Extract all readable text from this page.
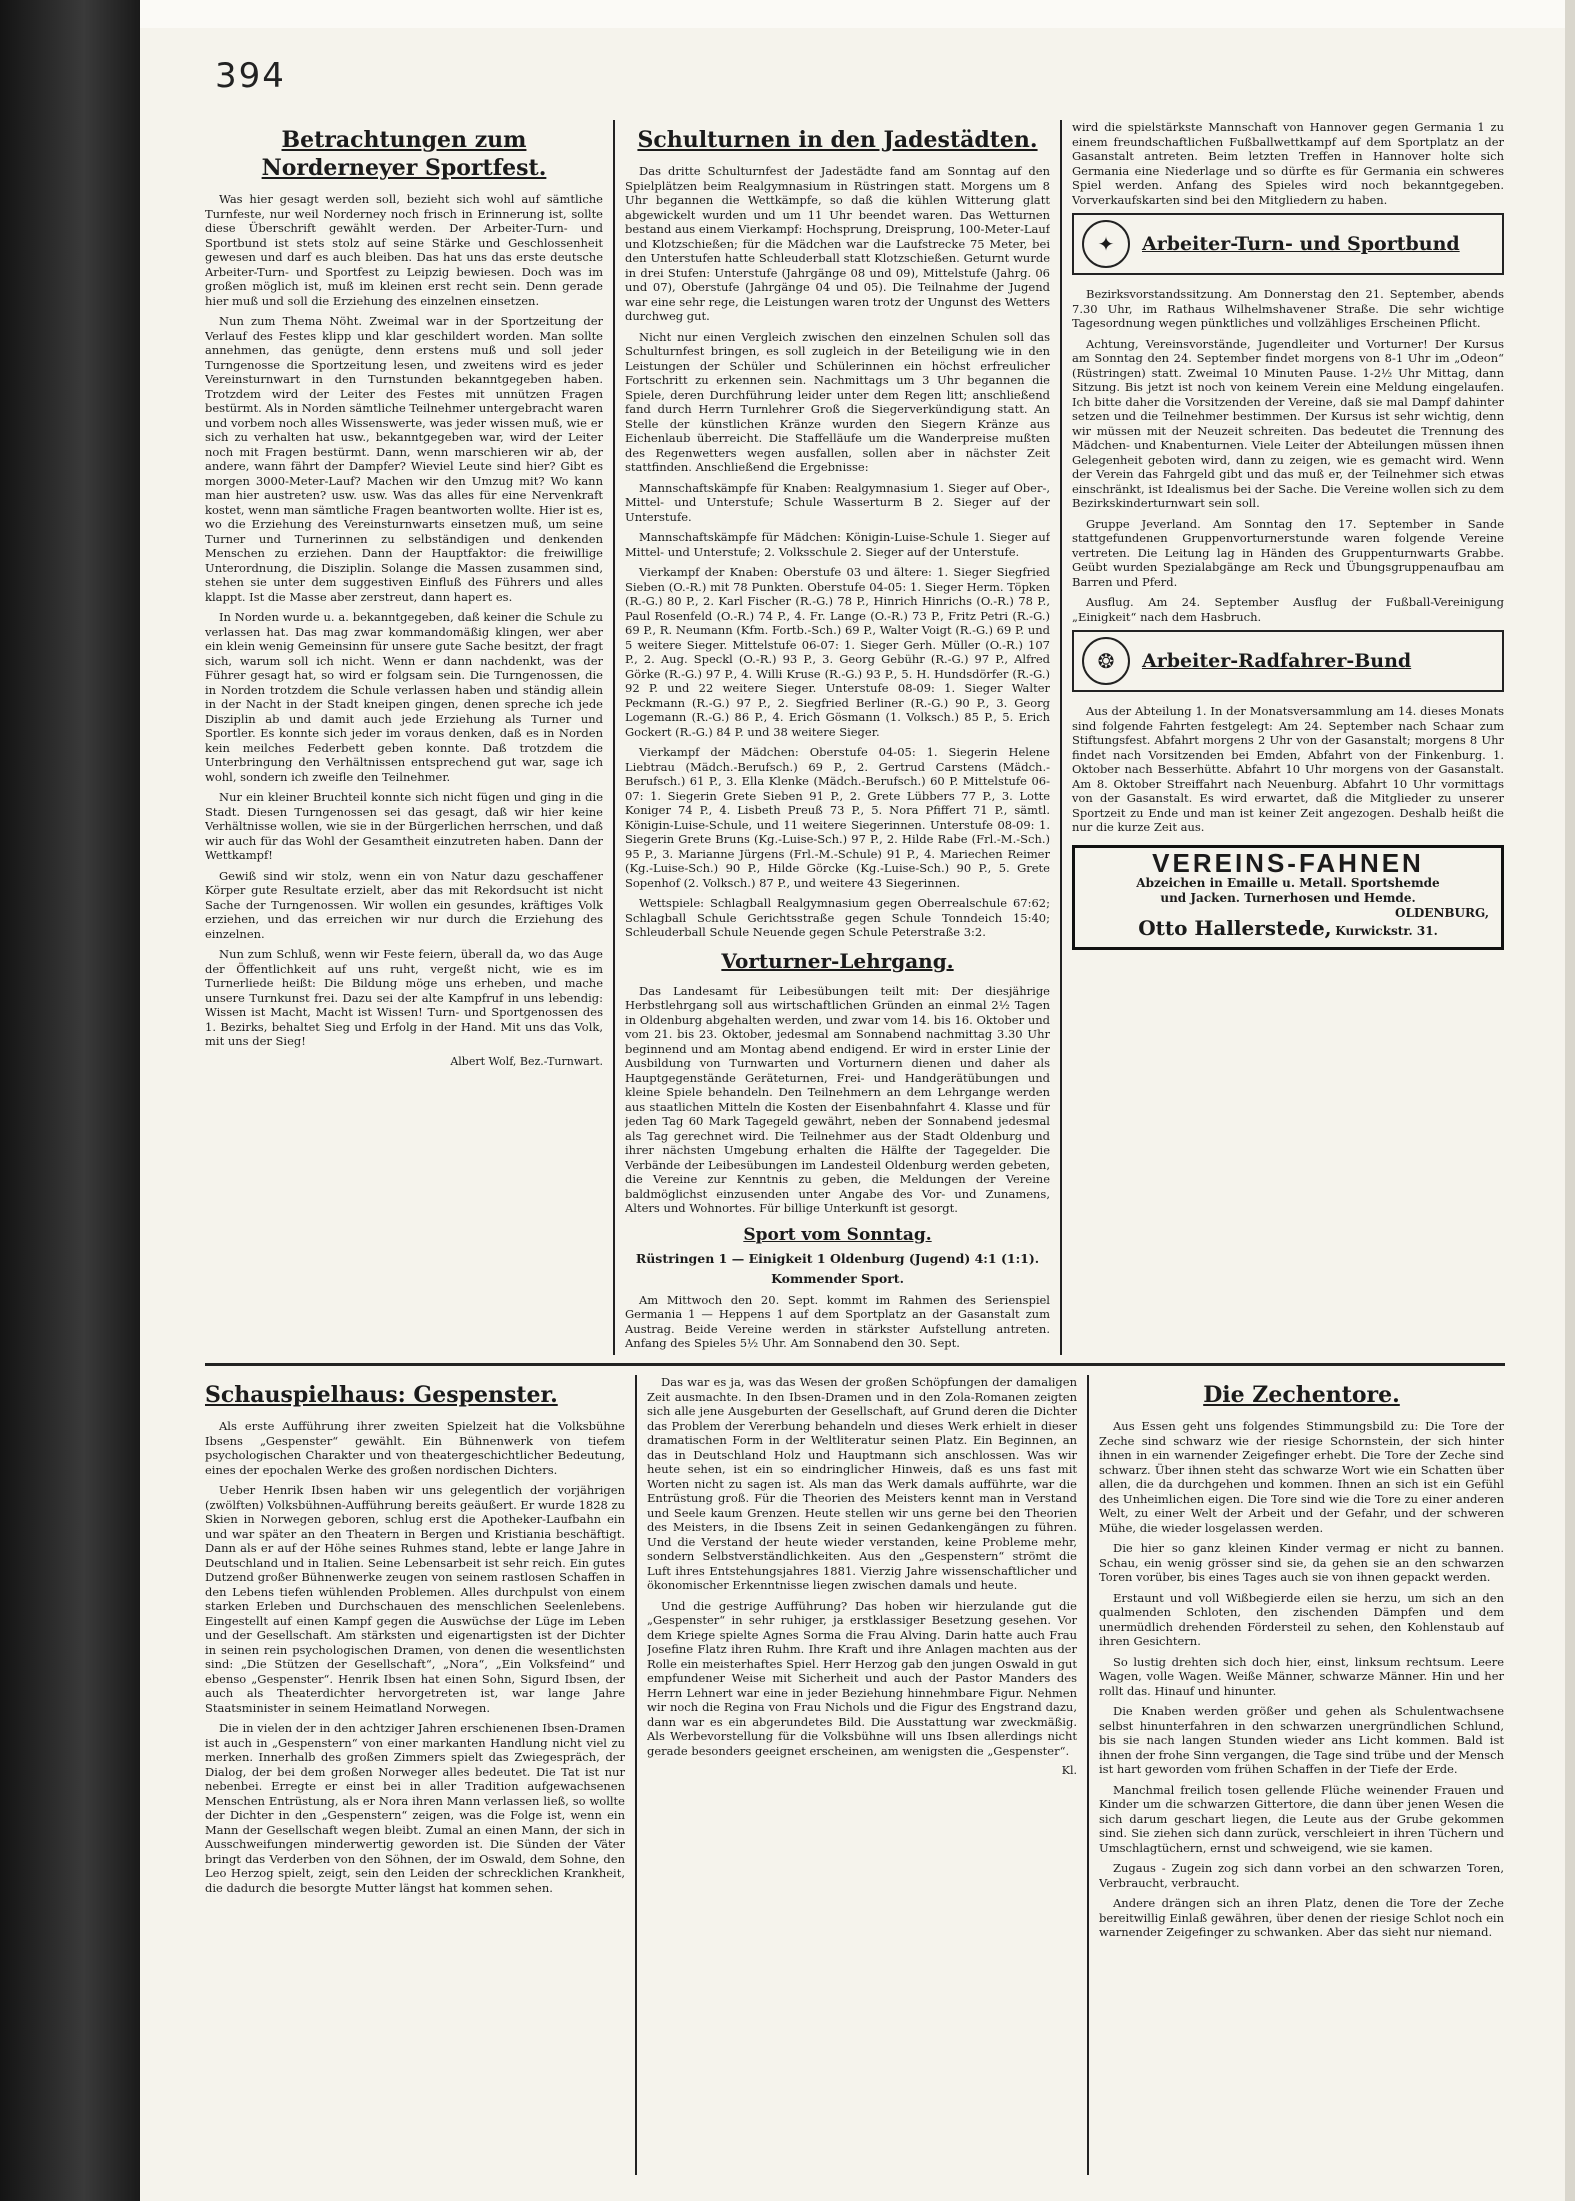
394
Betrachtungen zum Norderneyer Sportfest.

Was hier gesagt werden soll, bezieht sich wohl auf sämtliche Turnfeste, nur weil Norderney noch frisch in Erinnerung ist, sollte diese Überschrift gewählt werden. Der Arbeiter-Turn- und Sportbund ist stets stolz auf seine Stärke und Geschlossenheit gewesen und darf es auch bleiben. Das hat uns das erste deutsche Arbeiter-Turn- und Sportfest zu Leipzig bewiesen. Doch was im großen möglich ist, muß im kleinen erst recht sein. Denn gerade hier muß und soll die Erziehung des einzelnen einsetzen.

Nun zum Thema Nöht. Zweimal war in der Sportzeitung der Verlauf des Festes klipp und klar geschildert worden. Man sollte annehmen, das genügte, denn erstens muß und soll jeder Turngenosse die Sportzeitung lesen, und zweitens wird es jeder Vereinsturnwart in den Turnstunden bekanntgegeben haben. Trotzdem wird der Leiter des Festes mit unnützen Fragen bestürmt. Als in Norden sämtliche Teilnehmer untergebracht waren und vorbem noch alles Wissenswerte, was jeder wissen muß, wie er sich zu verhalten hat usw., bekanntgegeben war, wird der Leiter noch mit Fragen bestürmt. Dann, wenn marschieren wir ab, der andere, wann fährt der Dampfer? Wieviel Leute sind hier? Gibt es morgen 3000-Meter-Lauf? Machen wir den Umzug mit? Wo kann man hier austreten? usw. usw. Was das alles für eine Nervenkraft kostet, wenn man sämtliche Fragen beantworten wollte. Hier ist es, wo die Erziehung des Vereinsturnwarts einsetzen muß, um seine Turner und Turnerinnen zu selbständigen und denkenden Menschen zu erziehen. Dann der Hauptfaktor: die freiwillige Unterordnung, die Disziplin. Solange die Massen zusammen sind, stehen sie unter dem suggestiven Einfluß des Führers und alles klappt. Ist die Masse aber zerstreut, dann hapert es.

In Norden wurde u. a. bekanntgegeben, daß keiner die Schule zu verlassen hat. Das mag zwar kommandomäßig klingen, wer aber ein klein wenig Gemeinsinn für unsere gute Sache besitzt, der fragt sich, warum soll ich nicht. Wenn er dann nachdenkt, was der Führer gesagt hat, so wird er folgsam sein. Die Turngenossen, die in Norden trotzdem die Schule verlassen haben und ständig allein in der Nacht in der Stadt kneipen gingen, denen spreche ich jede Disziplin ab und damit auch jede Erziehung als Turner und Sportler. Es konnte sich jeder im voraus denken, daß es in Norden kein meilches Federbett geben konnte. Daß trotzdem die Unterbringung den Verhältnissen entsprechend gut war, sage ich wohl, sondern ich zweifle den Teilnehmer.

Nur ein kleiner Bruchteil konnte sich nicht fügen und ging in die Stadt. Diesen Turngenossen sei das gesagt, daß wir hier keine Verhältnisse wollen, wie sie in der Bürgerlichen herrschen, und daß wir auch für das Wohl der Gesamtheit einzutreten haben. Dann der Wettkampf!

Gewiß sind wir stolz, wenn ein von Natur dazu geschaffener Körper gute Resultate erzielt, aber das mit Rekordsucht ist nicht Sache der Turngenossen. Wir wollen ein gesundes, kräftiges Volk erziehen, und das erreichen wir nur durch die Erziehung des einzelnen.

Nun zum Schluß, wenn wir Feste feiern, überall da, wo das Auge der Öffentlichkeit auf uns ruht, vergeßt nicht, wie es im Turnerliede heißt: Die Bildung möge uns erheben, und mache unsere Turnkunst frei. Dazu sei der alte Kampfruf in uns lebendig: Wissen ist Macht, Macht ist Wissen! Turn- und Sportgenossen des 1. Bezirks, behaltet Sieg und Erfolg in der Hand. Mit uns das Volk, mit uns der Sieg!

Albert Wolf, Bez.-Turnwart.
Schulturnen in den Jadestädten.

Das dritte Schulturnfest der Jadestädte fand am Sonntag auf den Spielplätzen beim Realgymnasium in Rüstringen statt. Morgens um 8 Uhr begannen die Wettkämpfe, so daß die kühlen Witterung glatt abgewickelt wurden und um 11 Uhr beendet waren. Das Wetturnen bestand aus einem Vierkampf: Hochsprung, Dreisprung, 100-Meter-Lauf und Klotzschießen; für die Mädchen war die Laufstrecke 75 Meter, bei den Unterstufen hatte Schleuderball statt Klotzschießen. Geturnt wurde in drei Stufen: Unterstufe (Jahrgänge 08 und 09), Mittelstufe (Jahrg. 06 und 07), Oberstufe (Jahrgänge 04 und 05). Die Teilnahme der Jugend war eine sehr rege, die Leistungen waren trotz der Ungunst des Wetters durchweg gut.

Nicht nur einen Vergleich zwischen den einzelnen Schulen soll das Schulturnfest bringen, es soll zugleich in der Beteiligung wie in den Leistungen der Schüler und Schülerinnen ein höchst erfreulicher Fortschritt zu erkennen sein. Nachmittags um 3 Uhr begannen die Spiele, deren Durchführung leider unter dem Regen litt; anschließend fand durch Herrn Turnlehrer Groß die Siegerverkündigung statt. An Stelle der künstlichen Kränze wurden den Siegern Kränze aus Eichenlaub überreicht. Die Staffelläufe um die Wanderpreise mußten des Regenwetters wegen ausfallen, sollen aber in nächster Zeit stattfinden. Anschließend die Ergebnisse:

Mannschaftskämpfe für Knaben: Realgymnasium 1. Sieger auf Ober-, Mittel- und Unterstufe; Schule Wasserturm B 2. Sieger auf der Unterstufe.

Mannschaftskämpfe für Mädchen: Königin-Luise-Schule 1. Sieger auf Mittel- und Unterstufe; 2. Volksschule 2. Sieger auf der Unterstufe.

Vierkampf der Knaben: Oberstufe 03 und ältere: 1. Sieger Siegfried Sieben (O.-R.) mit 78 Punkten. Oberstufe 04-05: 1. Sieger Herm. Töpken (R.-G.) 80 P., 2. Karl Fischer (R.-G.) 78 P., Hinrich Hinrichs (O.-R.) 78 P., Paul Rosenfeld (O.-R.) 74 P., 4. Fr. Lange (O.-R.) 73 P., Fritz Petri (R.-G.) 69 P., R. Neumann (Kfm. Fortb.-Sch.) 69 P., Walter Voigt (R.-G.) 69 P. und 5 weitere Sieger. Mittelstufe 06-07: 1. Sieger Gerh. Müller (O.-R.) 107 P., 2. Aug. Speckl (O.-R.) 93 P., 3. Georg Gebühr (R.-G.) 97 P., Alfred Görke (R.-G.) 97 P., 4. Willi Kruse (R.-G.) 93 P., 5. H. Hundsdörfer (R.-G.) 92 P. und 22 weitere Sieger. Unterstufe 08-09: 1. Sieger Walter Peckmann (R.-G.) 97 P., 2. Siegfried Berliner (R.-G.) 90 P., 3. Georg Logemann (R.-G.) 86 P., 4. Erich Gösmann (1. Volksch.) 85 P., 5. Erich Gockert (R.-G.) 84 P. und 38 weitere Sieger.

Vierkampf der Mädchen: Oberstufe 04-05: 1. Siegerin Helene Liebtrau (Mädch.-Berufsch.) 69 P., 2. Gertrud Carstens (Mädch.-Berufsch.) 61 P., 3. Ella Klenke (Mädch.-Berufsch.) 60 P. Mittelstufe 06-07: 1. Siegerin Grete Sieben 91 P., 2. Grete Lübbers 77 P., 3. Lotte Koniger 74 P., 4. Lisbeth Preuß 73 P., 5. Nora Pfiffert 71 P., sämtl. Königin-Luise-Schule, und 11 weitere Siegerinnen. Unterstufe 08-09: 1. Siegerin Grete Bruns (Kg.-Luise-Sch.) 97 P., 2. Hilde Rabe (Frl.-M.-Sch.) 95 P., 3. Marianne Jürgens (Frl.-M.-Schule) 91 P., 4. Mariechen Reimer (Kg.-Luise-Sch.) 90 P., Hilde Görcke (Kg.-Luise-Sch.) 90 P., 5. Grete Sopenhof (2. Volksch.) 87 P., und weitere 43 Siegerinnen.

Wettspiele: Schlagball Realgymnasium gegen Oberrealschule 67:62; Schlagball Schule Gerichtsstraße gegen Schule Tonndeich 15:40; Schleuderball Schule Neuende gegen Schule Peterstraße 3:2.

Vorturner-Lehrgang.

Das Landesamt für Leibesübungen teilt mit: Der diesjährige Herbstlehrgang soll aus wirtschaftlichen Gründen an einmal 2½ Tagen in Oldenburg abgehalten werden, und zwar vom 14. bis 16. Oktober und vom 21. bis 23. Oktober, jedesmal am Sonnabend nachmittag 3.30 Uhr beginnend und am Montag abend endigend. Er wird in erster Linie der Ausbildung von Turnwarten und Vorturnern dienen und daher als Hauptgegenstände Geräteturnen, Frei- und Handgerätübungen und kleine Spiele behandeln. Den Teilnehmern an dem Lehrgange werden aus staatlichen Mitteln die Kosten der Eisenbahnfahrt 4. Klasse und für jeden Tag 60 Mark Tagegeld gewährt, neben der Sonnabend jedesmal als Tag gerechnet wird. Die Teilnehmer aus der Stadt Oldenburg und ihrer nächsten Umgebung erhalten die Hälfte der Tagegelder. Die Verbände der Leibesübungen im Landesteil Oldenburg werden gebeten, die Vereine zur Kenntnis zu geben, die Meldungen der Vereine baldmöglichst einzusenden unter Angabe des Vor- und Zunamens, Alters und Wohnortes. Für billige Unterkunft ist gesorgt.

Sport vom Sonntag.
Rüstringen 1 — Einigkeit 1 Oldenburg (Jugend) 4:1 (1:1).
Kommender Sport.

Am Mittwoch den 20. Sept. kommt im Rahmen des Serienspiel Germania 1 — Heppens 1 auf dem Sportplatz an der Gasanstalt zum Austrag. Beide Vereine werden in stärkster Aufstellung antreten. Anfang des Spieles 5½ Uhr. Am Sonnabend den 30. Sept.

wird die spielstärkste Mannschaft von Hannover gegen Germania 1 zu einem freundschaftlichen Fußballwettkampf auf dem Sportplatz an der Gasanstalt antreten. Beim letzten Treffen in Hannover holte sich Germania eine Niederlage und so dürfte es für Germania ein schweres Spiel werden. Anfang des Spieles wird noch bekanntgegeben. Vorverkaufskarten sind bei den Mitgliedern zu haben.

✦	Arbeiter-Turn- und Sportbund

Bezirksvorstandssitzung. Am Donnerstag den 21. September, abends 7.30 Uhr, im Rathaus Wilhelmshavener Straße. Die sehr wichtige Tagesordnung wegen pünktliches und vollzähliges Erscheinen Pflicht.

Achtung, Vereinsvorstände, Jugendleiter und Vorturner! Der Kursus am Sonntag den 24. September findet morgens von 8-1 Uhr im „Odeon“ (Rüstringen) statt. Zweimal 10 Minuten Pause. 1-2½ Uhr Mittag, dann Sitzung. Bis jetzt ist noch von keinem Verein eine Meldung eingelaufen. Ich bitte daher die Vorsitzenden der Vereine, daß sie mal Dampf dahinter setzen und die Teilnehmer bestimmen. Der Kursus ist sehr wichtig, denn wir müssen mit der Neuzeit schreiten. Das bedeutet die Trennung des Mädchen- und Knabenturnen. Viele Leiter der Abteilungen müssen ihnen Gelegenheit geboten wird, dann zu zeigen, wie es gemacht wird. Wenn der Verein das Fahrgeld gibt und das muß er, der Teilnehmer sich etwas einschränkt, ist Idealismus bei der Sache. Die Vereine wollen sich zu dem Bezirkskinderturnwart sein soll.

Gruppe Jeverland. Am Sonntag den 17. September in Sande stattgefundenen Gruppenvorturnerstunde waren folgende Vereine vertreten. Die Leitung lag in Händen des Gruppenturnwarts Grabbe. Geübt wurden Spezialabgänge am Reck und Übungsgruppenaufbau am Barren und Pferd.

Ausflug. Am 24. September Ausflug der Fußball-Vereinigung „Einigkeit“ nach dem Hasbruch.

❂	Arbeiter-Radfahrer-Bund

Aus der Abteilung 1. In der Monatsversammlung am 14. dieses Monats sind folgende Fahrten festgelegt: Am 24. September nach Schaar zum Stiftungsfest. Abfahrt morgens 2 Uhr von der Gasanstalt; morgens 8 Uhr findet nach Vorsitzenden bei Emden, Abfahrt von der Finkenburg. 1. Oktober nach Besserhütte. Abfahrt 10 Uhr morgens von der Gasanstalt. Am 8. Oktober Streiffahrt nach Neuenburg. Abfahrt 10 Uhr vormittags von der Gasanstalt. Es wird erwartet, daß die Mitglieder zu unserer Sportzeit zu Ende und man ist keiner Zeit angezogen. Deshalb heißt die nur die kurze Zeit aus.

VEREINS-FAHNEN
Abzeichen in Emaille u. Metall. Sportshemde
und Jacken. Turnerhosen und Hemde.
OLDENBURG,
Otto Hallerstede, Kurwickstr. 31.
Schauspielhaus: Gespenster.

Als erste Aufführung ihrer zweiten Spielzeit hat die Volksbühne Ibsens „Gespenster“ gewählt. Ein Bühnenwerk von tiefem psychologischen Charakter und von theatergeschichtlicher Bedeutung, eines der epochalen Werke des großen nordischen Dichters.

Ueber Henrik Ibsen haben wir uns gelegentlich der vorjährigen (zwölften) Volksbühnen-Aufführung bereits geäußert. Er wurde 1828 zu Skien in Norwegen geboren, schlug erst die Apotheker-Laufbahn ein und war später an den Theatern in Bergen und Kristiania beschäftigt. Dann als er auf der Höhe seines Ruhmes stand, lebte er lange Jahre in Deutschland und in Italien. Seine Lebensarbeit ist sehr reich. Ein gutes Dutzend großer Bühnenwerke zeugen von seinem rastlosen Schaffen in den Lebens tiefen wühlenden Problemen. Alles durchpulst von einem starken Erleben und Durchschauen des menschlichen Seelenlebens. Eingestellt auf einen Kampf gegen die Auswüchse der Lüge im Leben und der Gesellschaft. Am stärksten und eigenartigsten ist der Dichter in seinen rein psychologischen Dramen, von denen die wesentlichsten sind: „Die Stützen der Gesellschaft“, „Nora“, „Ein Volksfeind“ und ebenso „Gespenster“. Henrik Ibsen hat einen Sohn, Sigurd Ibsen, der auch als Theaterdichter hervorgetreten ist, war lange Jahre Staatsminister in seinem Heimatland Norwegen.

Die in vielen der in den achtziger Jahren erschienenen Ibsen-Dramen ist auch in „Gespenstern“ von einer markanten Handlung nicht viel zu merken. Innerhalb des großen Zimmers spielt das Zwiegespräch, der Dialog, der bei dem großen Norweger alles bedeutet. Die Tat ist nur nebenbei. Erregte er einst bei in aller Tradition aufgewachsenen Menschen Entrüstung, als er Nora ihren Mann verlassen ließ, so wollte der Dichter in den „Gespenstern“ zeigen, was die Folge ist, wenn ein Mann der Gesellschaft wegen bleibt. Zumal an einen Mann, der sich in Ausschweifungen minderwertig geworden ist. Die Sünden der Väter bringt das Verderben von den Söhnen, der im Oswald, dem Sohne, den Leo Herzog spielt, zeigt, sein den Leiden der schrecklichen Krankheit, die dadurch die besorgte Mutter längst hat kommen sehen.

Das war es ja, was das Wesen der großen Schöpfungen der damaligen Zeit ausmachte. In den Ibsen-Dramen und in den Zola-Romanen zeigten sich alle jene Ausgeburten der Gesellschaft, auf Grund deren die Dichter das Problem der Vererbung behandeln und dieses Werk erhielt in dieser dramatischen Form in der Weltliteratur seinen Platz. Ein Beginnen, an das in Deutschland Holz und Hauptmann sich anschlossen. Was wir heute sehen, ist ein so eindringlicher Hinweis, daß es uns fast mit Worten nicht zu sagen ist. Als man das Werk damals aufführte, war die Entrüstung groß. Für die Theorien des Meisters kennt man in Verstand und Seele kaum Grenzen. Heute stellen wir uns gerne bei den Theorien des Meisters, in die Ibsens Zeit in seinen Gedankengängen zu führen. Und die Verstand der heute wieder verstanden, keine Probleme mehr, sondern Selbstverständlichkeiten. Aus den „Gespenstern“ strömt die Luft ihres Entstehungsjahres 1881. Vierzig Jahre wissenschaftlicher und ökonomischer Erkenntnisse liegen zwischen damals und heute.

Und die gestrige Aufführung? Das hoben wir hierzulande gut die „Gespenster“ in sehr ruhiger, ja erstklassiger Besetzung gesehen. Vor dem Kriege spielte Agnes Sorma die Frau Alving. Darin hatte auch Frau Josefine Flatz ihren Ruhm. Ihre Kraft und ihre Anlagen machten aus der Rolle ein meisterhaftes Spiel. Herr Herzog gab den jungen Oswald in gut empfundener Weise mit Sicherheit und auch der Pastor Manders des Herrn Lehnert war eine in jeder Beziehung hinnehmbare Figur. Nehmen wir noch die Regina von Frau Nichols und die Figur des Engstrand dazu, dann war es ein abgerundetes Bild. Die Ausstattung war zweckmäßig. Als Werbevorstellung für die Volksbühne will uns Ibsen allerdings nicht gerade besonders geeignet erscheinen, am wenigsten die „Gespenster“.

Kl.
Die Zechentore.

Aus Essen geht uns folgendes Stimmungsbild zu: Die Tore der Zeche sind schwarz wie der riesige Schornstein, der sich hinter ihnen in ein warnender Zeigefinger erhebt. Die Tore der Zeche sind schwarz. Über ihnen steht das schwarze Wort wie ein Schatten über allen, die da durchgehen und kommen. Ihnen an sich ist ein Gefühl des Unheimlichen eigen. Die Tore sind wie die Tore zu einer anderen Welt, zu einer Welt der Arbeit und der Gefahr, und der schweren Mühe, die wieder losgelassen werden.

Die hier so ganz kleinen Kinder vermag er nicht zu bannen. Schau, ein wenig grösser sind sie, da gehen sie an den schwarzen Toren vorüber, bis eines Tages auch sie von ihnen gepackt werden.

Erstaunt und voll Wißbegierde eilen sie herzu, um sich an den qualmenden Schloten, den zischenden Dämpfen und dem unermüdlich drehenden Fördersteil zu sehen, den Kohlenstaub auf ihren Gesichtern.

So lustig drehten sich doch hier, einst, linksum rechtsum. Leere Wagen, volle Wagen. Weiße Männer, schwarze Männer. Hin und her rollt das. Hinauf und hinunter.

Die Knaben werden größer und gehen als Schulentwachsene selbst hinunterfahren in den schwarzen unergründlichen Schlund, bis sie nach langen Stunden wieder ans Licht kommen. Bald ist ihnen der frohe Sinn vergangen, die Tage sind trübe und der Mensch ist hart geworden vom frühen Schaffen in der Tiefe der Erde.

Manchmal freilich tosen gellende Flüche weinender Frauen und Kinder um die schwarzen Gittertore, die dann über jenen Wesen die sich darum geschart liegen, die Leute aus der Grube gekommen sind. Sie ziehen sich dann zurück, verschleiert in ihren Tüchern und Umschlagtüchern, ernst und schweigend, wie sie kamen.

Zugaus - Zugein zog sich dann vorbei an den schwarzen Toren, Verbraucht, verbraucht.

Andere drängen sich an ihren Platz, denen die Tore der Zeche bereitwillig Einlaß gewähren, über denen der riesige Schlot noch ein warnender Zeigefinger zu schwanken. Aber das sieht nur niemand.
